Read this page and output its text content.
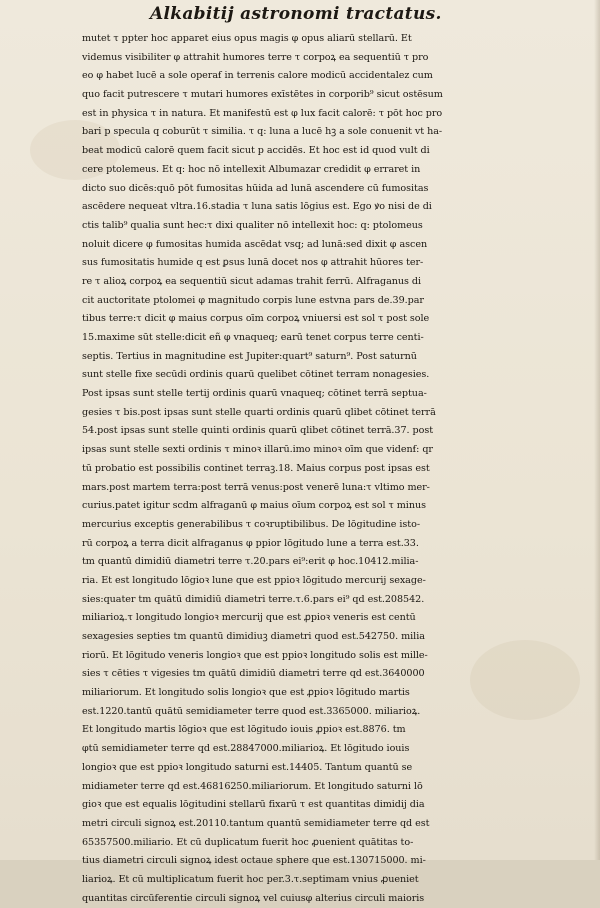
Alkabitij astronomi tractatus.
mutet τ ppter hoc apparet eius opus magis φ opus aliarū stellarū. Et
videmus visibiliter φ attrahit humores terre τ corpoꝝ ea sequentiū τ pro
eo φ habet lucē a sole operaẜ in terrenis calore modicū accidentalez cum
quo facit putrescere τ mutari humores exīstētes in corporib⁹ sicut ostēsum
est in physica τ in natura. Et manifestū est φ lux facit calorē: τ pōt hoc pro
bari p specula q coburūt τ similia. τ q: luna a lucē hꝫ a sole conuenit vt ha-
beat modicū calorē quem facit sicut p accidēs. Et hoc est id quod vult di
cere ptolemeus. Et q: hoc nō intellexit Albumazar credidit φ erraret in
dicto suo dicēs:quō pōt fumositas hūida ad lunā ascendere cū fumositas
ascēdere nequeat vltra.16.stadia τ luna satis lōgius est. Ego ꝟo nisi de di
ctis talib⁹ qualia sunt hec:τ dixi qualiter nō intellexit hoc: q: ptolomeus
noluit dicere φ fumositas humida ascēdat vsq; ad lunā:sed dixit φ ascen
sus fumositatis humide q est ꝑsus lunā docet nos φ attrahit hūores ter-
re τ alioꝝ corpoꝝ ea sequentiū sicut adamas trahit ferrū. Alfraganus di
cit auctoritate ptolomei φ magnitudo corpis lune estvna pars de.39.par
tibus terre:τ dicit φ maius corpus oīm corpoꝝ vniuersi est sol τ post sole
15.maxime sūt stelle:dicit eñ φ vnaqueq; earū tenet corpus terre centi-
septis. Tertius in magnitudine est Jupiter:quart⁹ saturn⁹. Post saturnū
sunt stelle fixe secūdi ordinis quarū quelibet cōtinet terram nonagesies.
Post ipsas sunt stelle tertij ordinis quarū vnaqueq; cōtinet terrā septua-
gesies τ bis.post ipsas sunt stelle quarti ordinis quarū qlibet cōtinet terrā
54.post ipsas sunt stelle quinti ordinis quarū qlibet cōtinet terrā.37. post
ipsas sunt stelle sexti ordinis τ minoꝛ illarū.imo minoꝛ oīm que videnẜ: qr
tū probatio est possibilis continet terraꝫ.18. Maius corpus post ipsas est
mars.post martem terra:post terrā venus:post venerē luna:τ vltimo mer-
curius.patet igitur scdm alfraganū φ maius oīum corpoꝝ est sol τ minus
mercurius exceptis generabilibus τ coꝛruptibilibus. De lōgitudine isto-
rū corpoꝝ a terra dicit alfraganus φ ppior lōgitudo lune a terra est.33.
tm quantū dimidiū diametri terre τ.20.pars ei⁹:erit φ hoc.10412.milia-
ria. Et est longitudo lōgioꝛ lune que est ppioꝛ lōgitudo mercurij sexage-
sies:quater tm quātū dimidiū diametri terre.τ.6.pars ei⁹ qd est.208542.
miliarioꝝ.τ longitudo longioꝛ mercurij que est ꝓpioꝛ veneris est centū
sexagesies septies tm quantū dimidiuꝫ diametri quod est.542750. milia
riorū. Et lōgitudo veneris longioꝛ que est ppioꝛ longitudo solis est mille-
sies τ cēties τ vigesies tm quātū dimidiū diametri terre qd est.3640000
miliariorum. Et longitudo solis longioꝛ que est ꝓpioꝛ lōgitudo martis
est.1220.tantū quātū semidiameter terre quod est.3365000. miliarioꝝ.
Et longitudo martis lōgioꝛ que est lōgitudo iouis ꝓpioꝛ est.8876. tm
φtū semidiameter terre qd est.28847000.miliarioꝝ. Et lōgitudo iouis
longioꝛ que est ppioꝛ longitudo saturni est.14405. Tantum quantū se
midiameter terre qd est.46816250.miliariorum. Et longitudo saturni lō
gioꝛ que est equalis lōgitudini stellarū fixarū τ est quantitas dimidij dia
metri circuli signoꝝ est.20110.tantum quantū semidiameter terre qd est
65357500.miliario. Et cū duplicatum fuerit hoc ꝓuenient quātitas to-
tius diametri circuli signoꝝ idest octaue sphere que est.130715000. mi-
liarioꝝ. Et cū multiplicatum fuerit hoc per.3.τ.septimam vnius ꝓueniet
quantitas circūferentie circuli signoꝝ vel cuiusφ alterius circuli maioris
